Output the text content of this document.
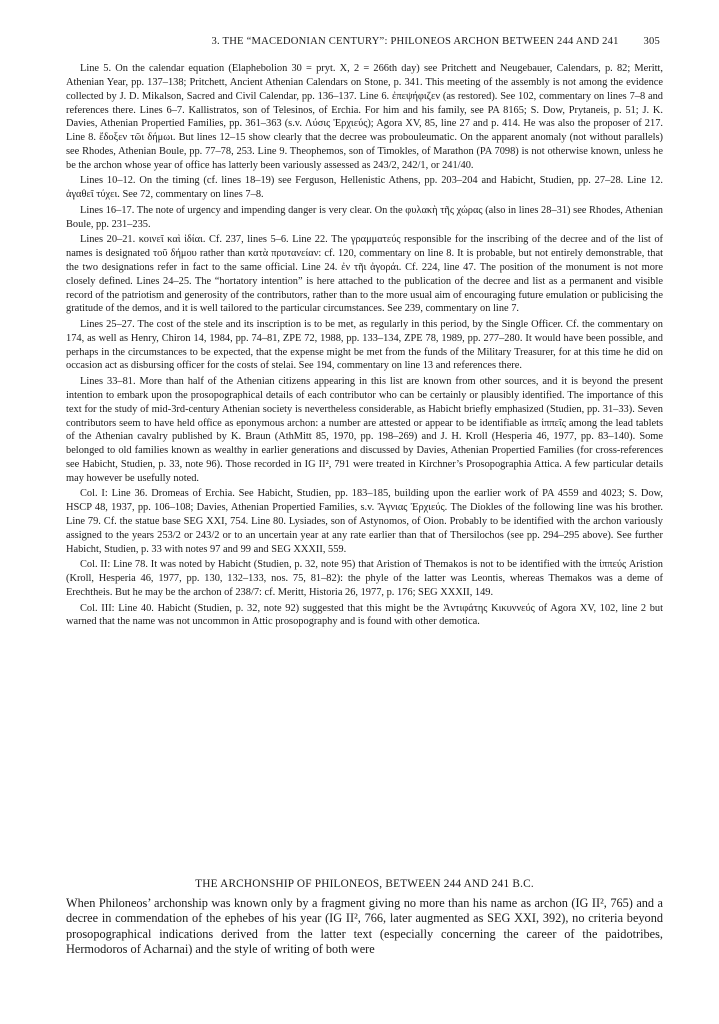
3. THE “MACEDONIAN CENTURY”: PHILONEOS ARCHON BETWEEN 244 AND 241 305

Line 5. On the calendar equation (Elaphebolion 30 = pryt. X, 2 = 266th day) see Pritchett and Neugebauer, Calendars, p. 82; Meritt, Athenian Year, pp. 137–138; Pritchett, Ancient Athenian Calendars on Stone, p. 341. This meeting of the assembly is not among the evidence collected by J. D. Mikalson, Sacred and Civil Calendar, pp. 136–137. Line 6. ἐπεψήφιζεν (as restored). See 102, commentary on lines 7–8 and references there. Lines 6–7. Kallistratos, son of Telesinos, of Erchia. For him and his family, see PA 8165; S. Dow, Prytaneis, p. 51; J. K. Davies, Athenian Propertied Families, pp. 361–363 (s.v. Λύσις Ἐρχιεύς); Agora XV, 85, line 27 and p. 414. He was also the proposer of 217. Line 8. ἔδοξεν τῶι δήμωι. But lines 12–15 show clearly that the decree was probouleumatic. On the apparent anomaly (not without parallels) see Rhodes, Athenian Boule, pp. 77–78, 253. Line 9. Theophemos, son of Timokles, of Marathon (PA 7098) is not otherwise known, unless he be the archon whose year of office has latterly been variously assessed as 243/2, 242/1, or 241/40.

Lines 10–12. On the timing (cf. lines 18–19) see Ferguson, Hellenistic Athens, pp. 203–204 and Habicht, Studien, pp. 27–28. Line 12. ἀγαθεῖ τύχει. See 72, commentary on lines 7–8.

Lines 16–17. The note of urgency and impending danger is very clear. On the φυλακὴ τῆς χώρας (also in lines 28–31) see Rhodes, Athenian Boule, pp. 231–235.

Lines 20–21. κοινεῖ καὶ ἰδίαι. Cf. 237, lines 5–6. Line 22. The γραμματεύς responsible for the inscribing of the decree and of the list of names is designated τοῦ δήμου rather than κατὰ πρυτανείαν: cf. 120, commentary on line 8. It is probable, but not entirely demonstrable, that the two designations refer in fact to the same official. Line 24. ἐν τῆι ἀγοράι. Cf. 224, line 47. The position of the monument is not more closely defined. Lines 24–25. The “hortatory intention” is here attached to the publication of the decree and list as a permanent and visible record of the patriotism and generosity of the contributors, rather than to the more usual aim of encouraging future emulation or publicising the gratitude of the demos, and it is well tailored to the particular circumstances. See 239, commentary on line 7.

Lines 25–27. The cost of the stele and its inscription is to be met, as regularly in this period, by the Single Officer. Cf. the commentary on 174, as well as Henry, Chiron 14, 1984, pp. 74–81, ZPE 72, 1988, pp. 133–134, ZPE 78, 1989, pp. 277–280. It would have been possible, and perhaps in the circumstances to be expected, that the expense might be met from the funds of the Military Treasurer, for at this time he did on occasion act as disbursing officer for the costs of stelai. See 194, commentary on line 13 and references there.

Lines 33–81. More than half of the Athenian citizens appearing in this list are known from other sources, and it is beyond the present intention to embark upon the prosopographical details of each contributor who can be certainly or plausibly identified. The importance of this text for the study of mid-3rd-century Athenian society is nevertheless considerable, as Habicht briefly emphasized (Studien, pp. 31–33). Seven contributors seem to have held office as eponymous archon: a number are attested or appear to be identifiable as ἱππεῖς among the lead tablets of the Athenian cavalry published by K. Braun (AthMitt 85, 1970, pp. 198–269) and J. H. Kroll (Hesperia 46, 1977, pp. 83–140). Some belonged to old families known as wealthy in earlier generations and discussed by Davies, Athenian Propertied Families (for cross-references see Habicht, Studien, p. 33, note 96). Those recorded in IG II², 791 were treated in Kirchner’s Prosopographia Attica. A few particular details may however be usefully noted.

Col. I: Line 36. Dromeas of Erchia. See Habicht, Studien, pp. 183–185, building upon the earlier work of PA 4559 and 4023; S. Dow, HSCP 48, 1937, pp. 106–108; Davies, Athenian Propertied Families, s.v. Ἄγνιας Ἐρχιεύς. The Diokles of the following line was his brother. Line 79. Cf. the statue base SEG XXI, 754. Line 80. Lysiades, son of Astynomos, of Oion. Probably to be identified with the archon variously assigned to the years 253/2 or 243/2 or to an uncertain year at any rate earlier than that of Thersilochos (see pp. 294–295 above). See further Habicht, Studien, p. 33 with notes 97 and 99 and SEG XXXII, 559.

Col. II: Line 78. It was noted by Habicht (Studien, p. 32, note 95) that Aristion of Themakos is not to be identified with the ἱππεύς Aristion (Kroll, Hesperia 46, 1977, pp. 130, 132–133, nos. 75, 81–82): the phyle of the latter was Leontis, whereas Themakos was a deme of Erechtheis. But he may be the archon of 238/7: cf. Meritt, Historia 26, 1977, p. 176; SEG XXXII, 149.

Col. III: Line 40. Habicht (Studien, p. 32, note 92) suggested that this might be the Ἀντιφάτης Κικυννεύς of Agora XV, 102, line 2 but warned that the name was not uncommon in Attic prosopography and is found with other demotica.

THE ARCHONSHIP OF PHILONEOS, BETWEEN 244 AND 241 B.C.

When Philoneos’ archonship was known only by a fragment giving no more than his name as archon (IG II², 765) and a decree in commendation of the ephebes of his year (IG II², 766, later augmented as SEG XXI, 392), no criteria beyond prosopographical indications derived from the latter text (especially concerning the career of the paidotribes, Hermodoros of Acharnai) and the style of writing of both were
